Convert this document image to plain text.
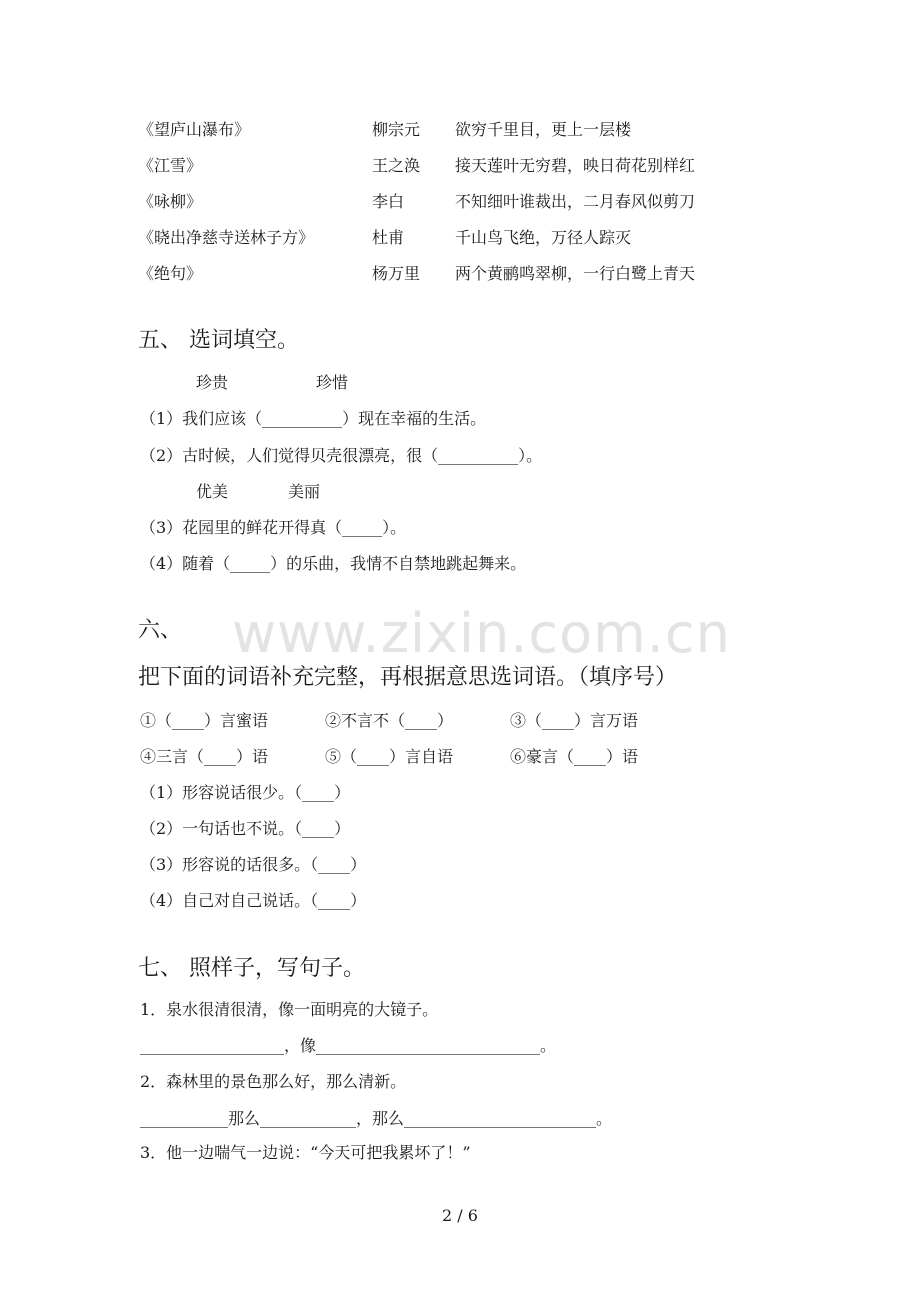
www.zixin.com.cn
《望庐山瀑布》	柳宗元 欲穷千里目，更上一层楼
《江雪》	王之涣 接天莲叶无穷碧，映日荷花别样红
《咏柳》	李白	不知细叶谁裁出，二月春风似剪刀
《晓出净慈寺送林子方》	杜甫	千山鸟飞绝，万径人踪灭
《绝句》	杨万里 两个黄鹂鸣翠柳，一行白鹭上青天
五、 选词填空。
珍贵	珍惜
（1）我们应该（__________）现在幸福的生活。
（2）古时候，人们觉得贝壳很漂亮，很（__________）。
优美	美丽
（3）花园里的鲜花开得真（_____）。
（4）随着（_____）的乐曲，我情不自禁地跳起舞来。
六、
把下面的词语补充完整，再根据意思选词语。（填序号）
①（____）言蜜语	②不言不（____）	③（____）言万语
④三言（____）语	⑤（____）言自语	⑥豪言（____）语
（1）形容说话很少。（____）
（2）一句话也不说。（____）
（3）形容说的话很多。（____）
（4）自己对自己说话。（____）
七、 照样子，写句子。
1．泉水很清很清，像一面明亮的大镜子。
__________________，像____________________________。
2．森林里的景色那么好，那么清新。
___________那么____________，那么________________________。
3．他一边喘气一边说：“今天可把我累坏了！”
2 / 6
